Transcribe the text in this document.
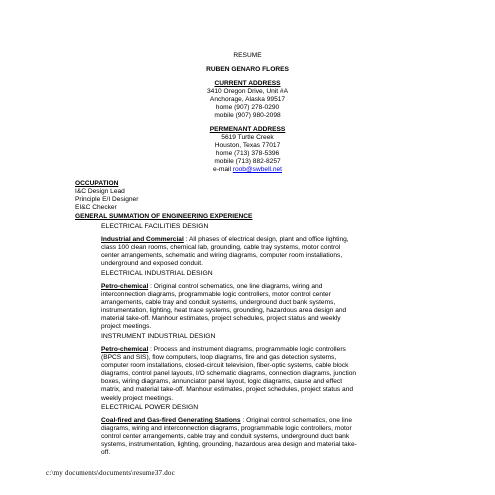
RESUME
RUBEN GENARO FLORES
CURRENT ADDRESS
3410 Oregon Drive, Unit #A
Anchorage, Alaska 99517
home (907) 278-0290
mobile (907) 980-2098
PERMENANT ADDRESS
5619 Turtle Creek
Houston, Texas 77017
home (713) 378-5396
mobile (713) 882-8257
e-mail roob@swbell.net
OCCUPATION
I&C Design Lead
Principle E/I Designer
EI&C Checker
GENERAL SUMMATION OF ENGINEERING EXPERIENCE
ELECTRICAL FACILITIES DESIGN
Industrial and Commercial : All phases of electrical design, plant and office lighting,
class 100 clean rooms, chemical lab, grounding, cable tray systems, motor control
center arrangements, schematic and wiring diagrams, computer room installations,
underground and exposed conduit.
ELECTRICAL INDUSTRIAL DESIGN
Petro-chemical : Original control schematics, one line diagrams, wiring and
interconnection diagrams, programmable logic controllers, motor control center
arrangements, cable tray and conduit systems, underground duct bank systems,
instrumentation, lighting, heat trace systems, grounding, hazardous area design and
material take-off. Manhour estimates, project schedules, project status and weekly
project meetings.
INSTRUMENT INDUSTRIAL DESIGN
Petro-chemical : Process and instrument diagrams, programmable logic controllers
(BPCS and SIS), flow computers, loop diagrams, fire and gas detection systems,
computer room installations, closed-circuit television, fiber-optic systems, cable block
diagrams, control panel layouts, I/O schematic diagrams, connection diagrams, junction
boxes, wiring diagrams, annunciator panel layout, logic diagrams, cause and effect
matrix, and material take-off. Manhour estimates, project schedules, project status and
weekly project meetings.
ELECTRICAL POWER DESIGN
Coal-fired and Gas-fired Generating Stations : Original control schematics, one line
diagrams, wiring and interconnection diagrams, programmable logic controllers, motor
control center arrangements, cable tray and conduit systems, underground duct bank
systems, instrumentation, lighting, grounding, hazardous area design and material take-
off.
c:\my documents\documents\resume37.doc
